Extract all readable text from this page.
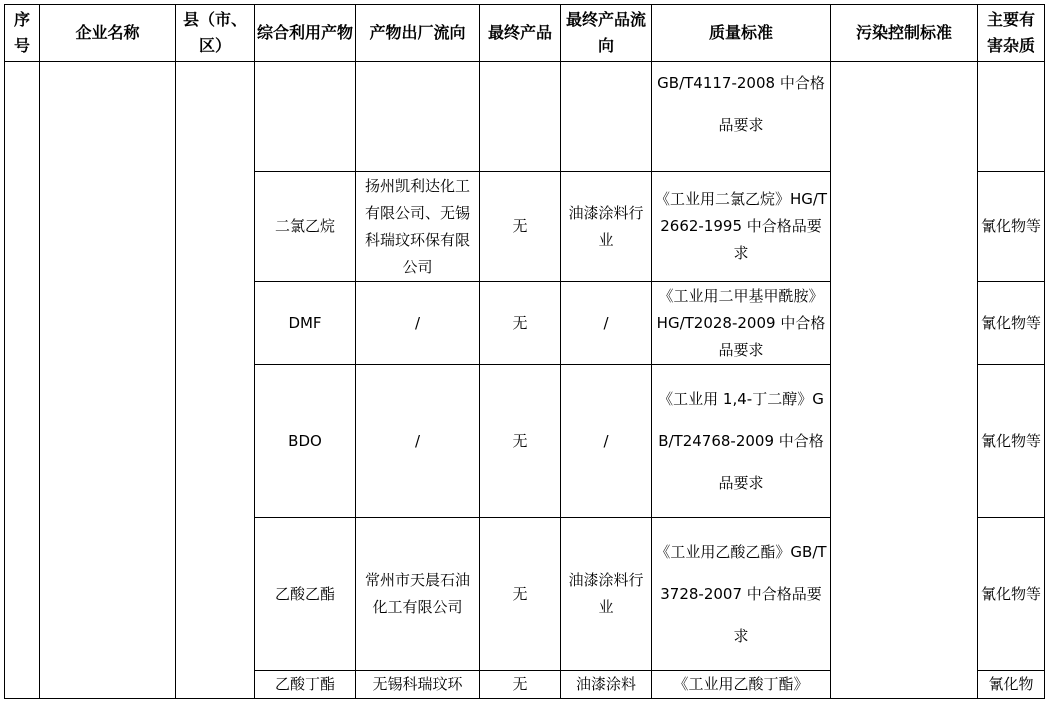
序号	企业名称	县（市、区）	综合利用产物	产物出厂流向	最终产品	最终产品流向	质量标准	污染控制标准	主要有害杂质
							GB/T4117-2008 中合格品要求		
			二氯乙烷	扬州凯利达化工有限公司、无锡科瑞玟环保有限公司	无	油漆涂料行业	《工业用二氯乙烷》HG/T2662-1995 中合格品要求		氰化物等
			DMF	/	无	/	《工业用二甲基甲酰胺》HG/T2028-2009 中合格品要求		氰化物等
			BDO	/	无	/	《工业用 1,4-丁二醇》GB/T24768-2009 中合格品要求		氰化物等
			乙酸乙酯	常州市天晨石油化工有限公司	无	油漆涂料行业	《工业用乙酸乙酯》GB/T3728-2007 中合格品要求		氰化物等
			乙酸丁酯	无锡科瑞玟环	无	油漆涂料	《工业用乙酸丁酯》		氰化物
